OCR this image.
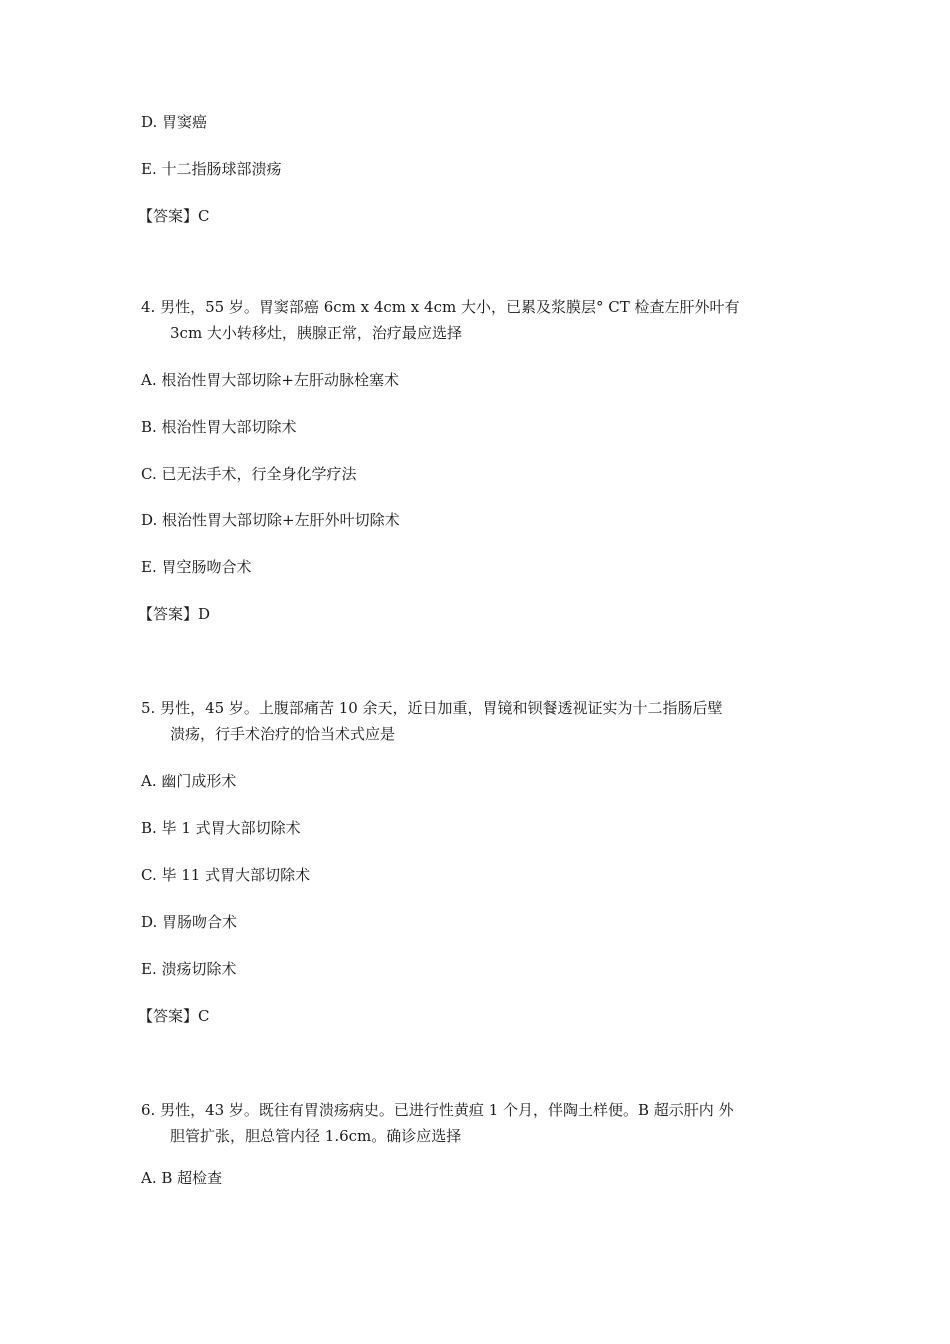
D. 胃窦癌
E. 十二指肠球部溃疡
【答案】C
4. 男性，55 岁。胃窦部癌 6cm x 4cm x 4cm 大小，已累及浆膜层° CT 检查左肝外叶有
3cm 大小转移灶，胰腺正常，治疗最应选择
A. 根治性胃大部切除+左肝动脉栓塞术
B. 根治性胃大部切除术
C. 已无法手术，行全身化学疗法
D. 根治性胃大部切除+左肝外叶切除术
E. 胃空肠吻合术
【答案】D
5. 男性，45 岁。上腹部痛苦 10 余天，近日加重，胃镜和钡餐透视证实为十二指肠后壁
溃疡，行手术治疗的恰当术式应是
A. 幽门成形术
B. 毕 1 式胃大部切除术
C. 毕 11 式胃大部切除术
D. 胃肠吻合术
E. 溃疡切除术
【答案】C
6. 男性，43 岁。既往有胃溃疡病史。已进行性黄疸 1 个月，伴陶土样便。B 超示肝内 外
胆管扩张，胆总管内径 1.6cm。确诊应选择
A. B 超检查
